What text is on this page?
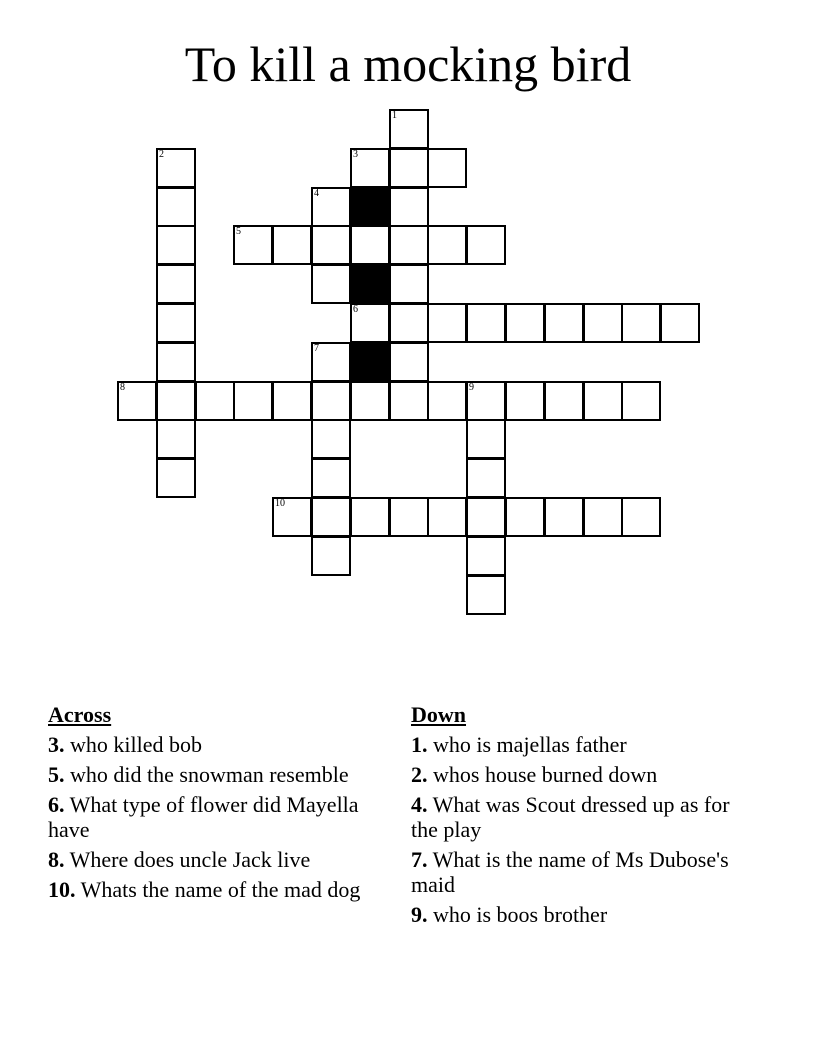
To kill a mocking bird
1
2	3
4
5
6
7
8	9
10
Across
3. who killed bob
5. who did the snowman resemble
6. What type of flower did Mayella have
8. Where does uncle Jack live
10. Whats the name of the mad dog
Down
1. who is majellas father
2. whos house burned down
4. What was Scout dressed up as for the play
7. What is the name of Ms Dubose's maid
9. who is boos brother
